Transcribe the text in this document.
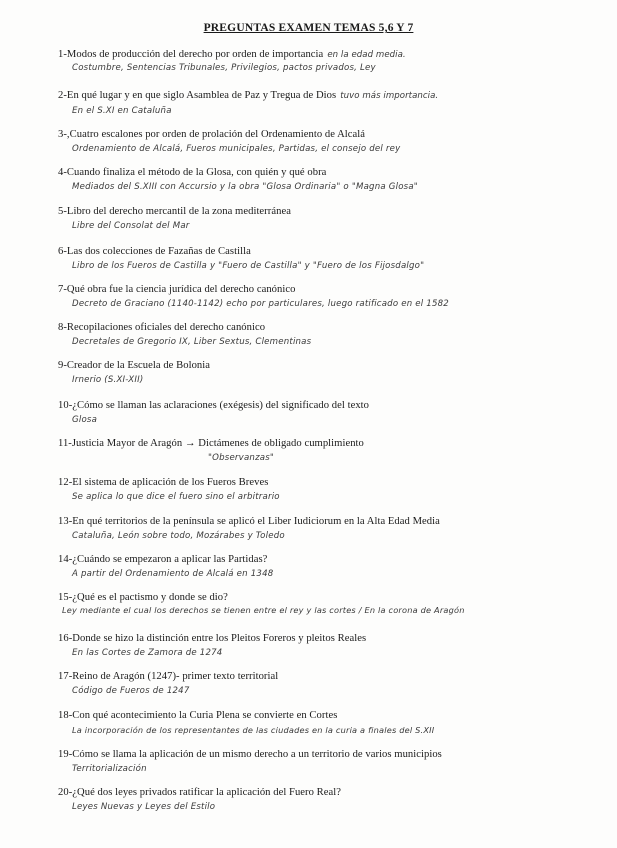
PREGUNTAS EXAMEN TEMAS 5,6 Y 7
1-Modos de producción del derecho por orden de importancia en la edad media.
Costumbre, Sentencias Tribunales, Privilegios, pactos privados, Ley
2-En qué lugar y en que siglo Asamblea de Paz y Tregua de Dios tuvo más importancia.
En el S.XI en Cataluña
3-,Cuatro escalones por orden de prolación del Ordenamiento de Alcalá
Ordenamiento de Alcalá, Fueros municipales, Partidas, el consejo del rey
4-Cuando finaliza el método de la Glosa, con quién y qué obra
Mediados del S.XIII con Accursio y la obra "Glosa Ordinaria" o "Magna Glosa"
5-Libro del derecho mercantil de la zona mediterránea
Libre del Consolat del Mar
6-Las dos colecciones de Fazañas de Castilla
Libro de los Fueros de Castilla y "Fuero de Castilla" y "Fuero de los Fijosdalgo"
7-Qué obra fue la ciencia jurídica del derecho canónico
Decreto de Graciano (1140-1142) echo por particulares, luego ratificado en el 1582
8-Recopilaciones oficiales del derecho canónico
Decretales de Gregorio IX, Liber Sextus, Clementinas
9-Creador de la Escuela de Bolonia
Irnerio (S.XI-XII)
10-¿Cómo se llaman las aclaraciones (exégesis) del significado del texto
Glosa
11-Justicia Mayor de Aragón → Dictámenes de obligado cumplimiento
"Observanzas"
12-El sistema de aplicación de los Fueros Breves
Se aplica lo que dice el fuero sino el arbitrario
13-En qué territorios de la península se aplicó el Liber Iudiciorum en la Alta Edad Media
Cataluña, León sobre todo, Mozárabes y Toledo
14-¿Cuándo se empezaron a aplicar las Partidas?
A partir del Ordenamiento de Alcalá en 1348
15-¿Qué es el pactismo y donde se dio?
Ley mediante el cual los derechos se tienen entre el rey y las cortes / En la corona de Aragón
16-Donde se hizo la distinción entre los Pleitos Foreros y pleitos Reales
En las Cortes de Zamora de 1274
17-Reino de Aragón (1247)- primer texto territorial
Código de Fueros de 1247
18-Con qué acontecimiento la Curia Plena se convierte en Cortes
La incorporación de los representantes de las ciudades en la curia a finales del S.XII
19-Cómo se llama la aplicación de un mismo derecho a un territorio de varios municipios
Territorialización
20-¿Qué dos leyes privados ratificar la aplicación del Fuero Real?
Leyes Nuevas y Leyes del Estilo
